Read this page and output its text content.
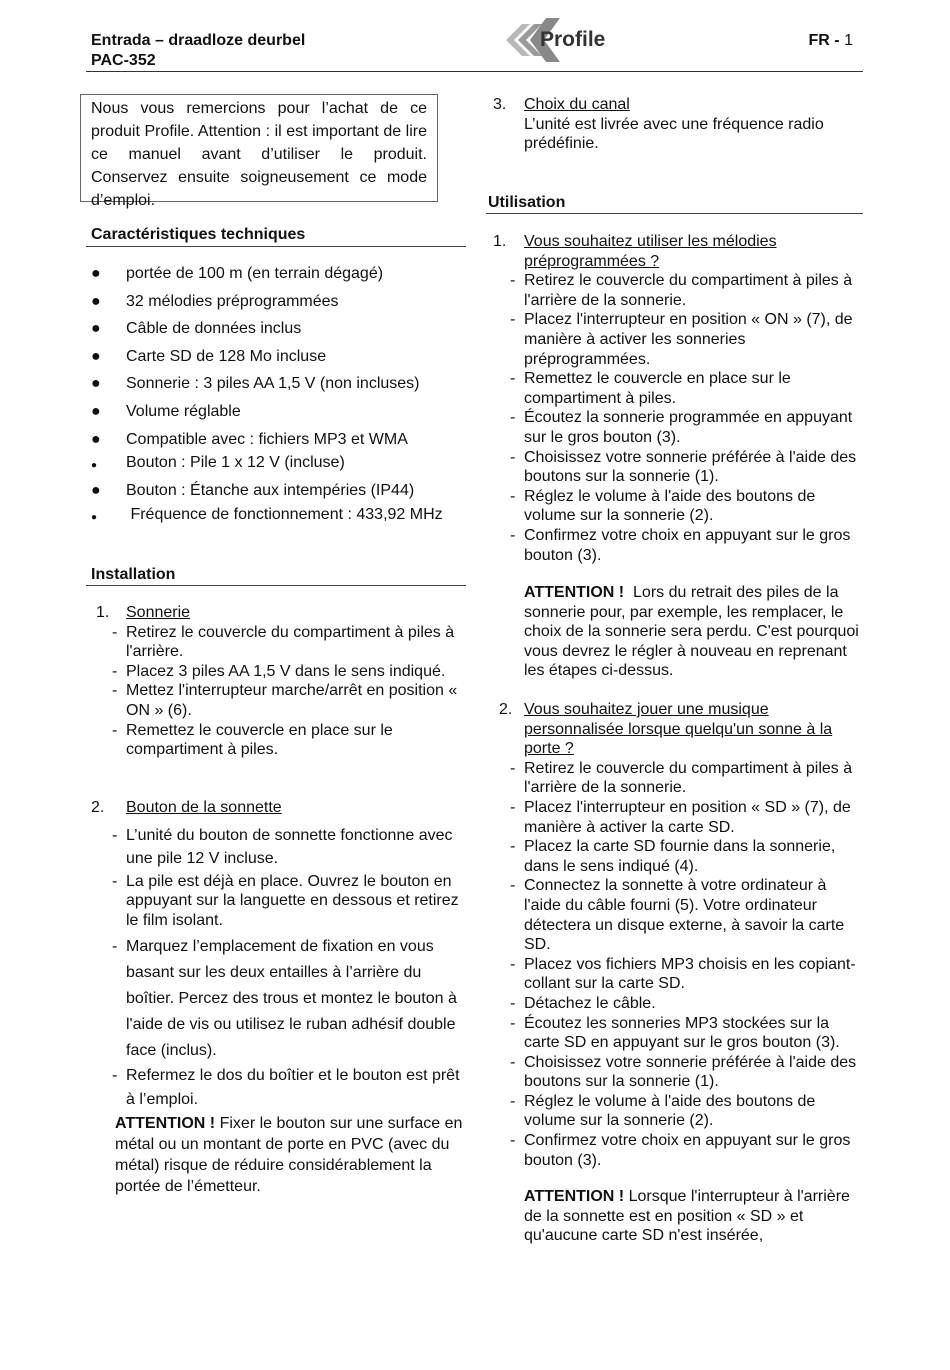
Entrada – draadloze deurbel
PAC-352
Profile	FR - 1
Nous vous remercions pour l’achat de ce produit Profile. Attention : il est important de lire ce manuel avant d’utiliser le produit. Conservez ensuite soigneusement ce mode d’emploi.
Caractéristiques techniques
● portée de 100 m (en terrain dégagé)
● 32 mélodies préprogrammées
● Câble de données inclus
● Carte SD de 128 Mo incluse
● Sonnerie : 3 piles AA 1,5 V (non incluses)
● Volume réglable
● Compatible avec : fichiers MP3 et WMA
● Bouton : Pile 1 x 12 V (incluse)
● Bouton : Étanche aux intempéries (IP44)
● Fréquence de fonctionnement : 433,92 MHz
Installation
1. Sonnerie
- Retirez le couvercle du compartiment à piles à l'arrière.
- Placez 3 piles AA 1,5 V dans le sens indiqué.
- Mettez l'interrupteur marche/arrêt en position « ON » (6).
- Remettez le couvercle en place sur le compartiment à piles.
2. Bouton de la sonnette
- L’unité du bouton de sonnette fonctionne avec une pile 12 V incluse.
- La pile est déjà en place. Ouvrez le bouton en appuyant sur la languette en dessous et retirez le film isolant.
- Marquez l’emplacement de fixation en vous basant sur les deux entailles à l’arrière du boîtier. Percez des trous et montez le bouton à l'aide de vis ou utilisez le ruban adhésif double face (inclus).
- Refermez le dos du boîtier et le bouton est prêt à l’emploi.
ATTENTION ! Fixer le bouton sur une surface en métal ou un montant de porte en PVC (avec du métal) risque de réduire considérablement la portée de l’émetteur.
3. Choix du canal
L’unité est livrée avec une fréquence radio prédéfinie.
Utilisation
1. Vous souhaitez utiliser les mélodies préprogrammées ?
- Retirez le couvercle du compartiment à piles à l'arrière de la sonnerie.
- Placez l'interrupteur en position « ON » (7), de manière à activer les sonneries préprogrammées.
- Remettez le couvercle en place sur le compartiment à piles.
- Écoutez la sonnerie programmée en appuyant sur le gros bouton (3).
- Choisissez votre sonnerie préférée à l'aide des boutons sur la sonnerie (1).
- Réglez le volume à l'aide des boutons de volume sur la sonnerie (2).
- Confirmez votre choix en appuyant sur le gros bouton (3).
ATTENTION !  Lors du retrait des piles de la sonnerie pour, par exemple, les remplacer, le choix de la sonnerie sera perdu. C'est pourquoi vous devrez le régler à nouveau en reprenant les étapes ci-dessus.
2. Vous souhaitez jouer une musique personnalisée lorsque quelqu'un sonne à la porte ?
- Retirez le couvercle du compartiment à piles à l'arrière de la sonnerie.
- Placez l'interrupteur en position « SD » (7), de manière à activer la carte SD.
- Placez la carte SD fournie dans la sonnerie, dans le sens indiqué (4).
- Connectez la sonnette à votre ordinateur à l'aide du câble fourni (5). Votre ordinateur détectera un disque externe, à savoir la carte SD.
- Placez vos fichiers MP3 choisis en les copiant-collant sur la carte SD.
- Détachez le câble.
- Écoutez les sonneries MP3 stockées sur la carte SD en appuyant sur le gros bouton (3).
- Choisissez votre sonnerie préférée à l'aide des boutons sur la sonnerie (1).
- Réglez le volume à l'aide des boutons de volume sur la sonnerie (2).
- Confirmez votre choix en appuyant sur le gros bouton (3).
ATTENTION ! Lorsque l'interrupteur à l'arrière de la sonnette est en position « SD » et qu'aucune carte SD n'est insérée,
